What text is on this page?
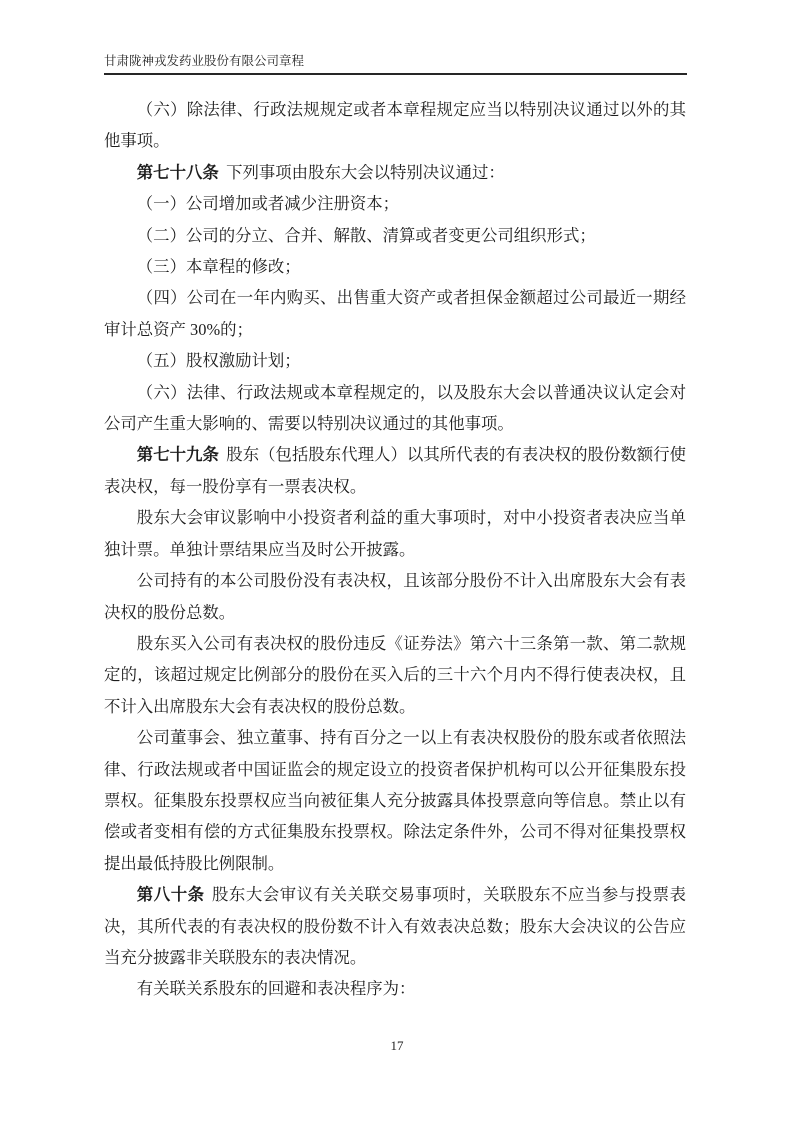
甘肃陇神戎发药业股份有限公司章程

（六）除法律、行政法规规定或者本章程规定应当以特别决议通过以外的其他事项。

第七十八条 下列事项由股东大会以特别决议通过：

（一）公司增加或者减少注册资本；

（二）公司的分立、合并、解散、清算或者变更公司组织形式；

（三）本章程的修改；

（四）公司在一年内购买、出售重大资产或者担保金额超过公司最近一期经审计总资产 30%的；

（五）股权激励计划；

（六）法律、行政法规或本章程规定的，以及股东大会以普通决议认定会对公司产生重大影响的、需要以特别决议通过的其他事项。

第七十九条 股东（包括股东代理人）以其所代表的有表决权的股份数额行使表决权，每一股份享有一票表决权。

股东大会审议影响中小投资者利益的重大事项时，对中小投资者表决应当单独计票。单独计票结果应当及时公开披露。

公司持有的本公司股份没有表决权，且该部分股份不计入出席股东大会有表决权的股份总数。

股东买入公司有表决权的股份违反《证券法》第六十三条第一款、第二款规定的，该超过规定比例部分的股份在买入后的三十六个月内不得行使表决权，且不计入出席股东大会有表决权的股份总数。

公司董事会、独立董事、持有百分之一以上有表决权股份的股东或者依照法律、行政法规或者中国证监会的规定设立的投资者保护机构可以公开征集股东投票权。征集股东投票权应当向被征集人充分披露具体投票意向等信息。禁止以有偿或者变相有偿的方式征集股东投票权。除法定条件外，公司不得对征集投票权提出最低持股比例限制。

第八十条 股东大会审议有关关联交易事项时，关联股东不应当参与投票表决，其所代表的有表决权的股份数不计入有效表决总数；股东大会决议的公告应当充分披露非关联股东的表决情况。

有关联关系股东的回避和表决程序为：

17
